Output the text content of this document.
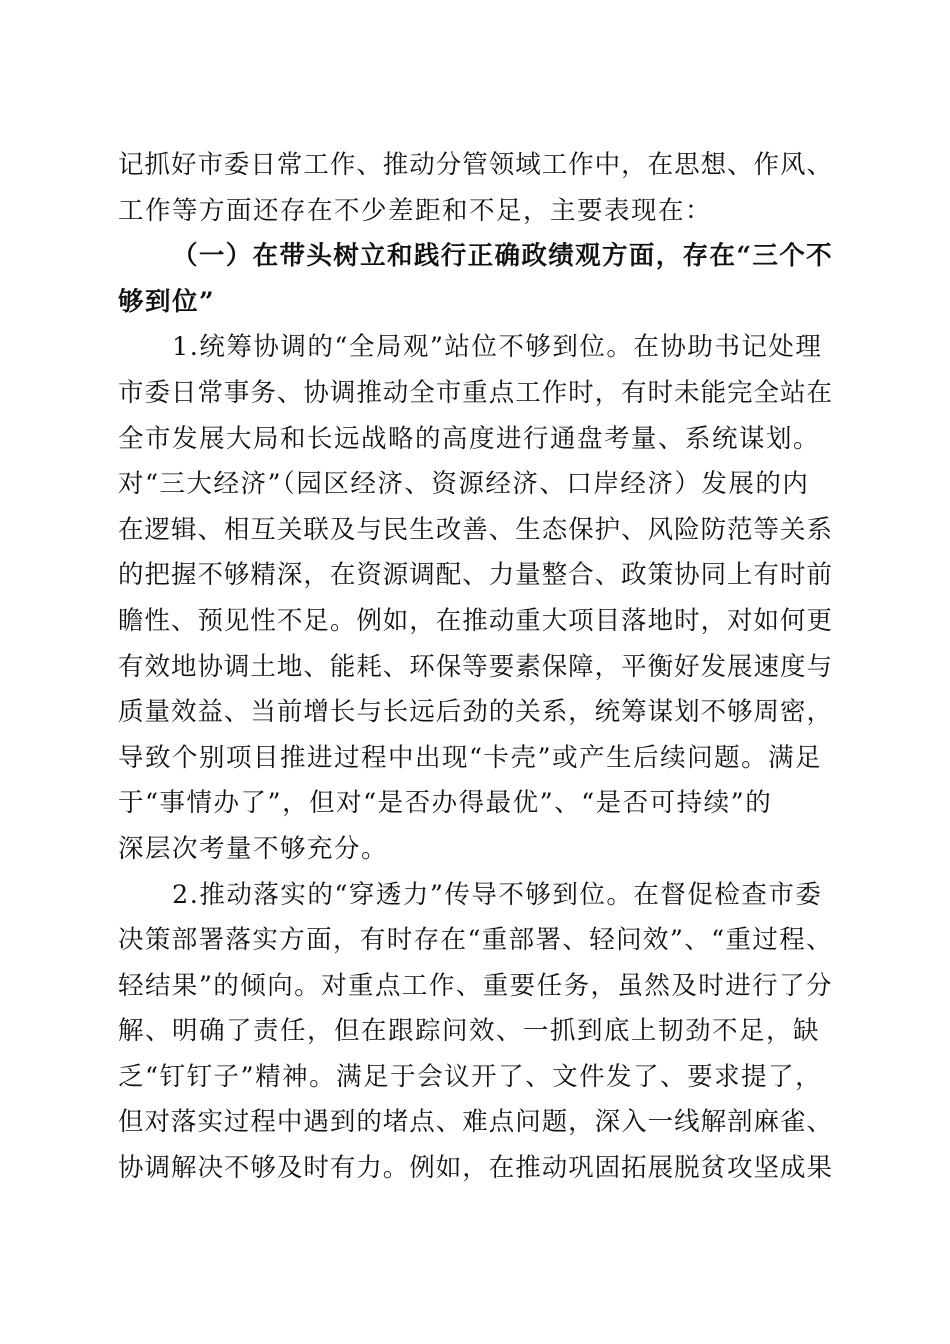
记抓好市委日常工作、推动分管领域工作中，在思想、作风、
工作等方面还存在不少差距和不足，主要表现在：
（一）在带头树立和践行正确政绩观方面，存在“三个不
够到位”
1.统筹协调的“全局观”站位不够到位。在协助书记处理
市委日常事务、协调推动全市重点工作时，有时未能完全站在
全市发展大局和长远战略的高度进行通盘考量、系统谋划。
对“三大经济”（园区经济、资源经济、口岸经济）发展的内
在逻辑、相互关联及与民生改善、生态保护、风险防范等关系
的把握不够精深，在资源调配、力量整合、政策协同上有时前
瞻性、预见性不足。例如，在推动重大项目落地时，对如何更
有效地协调土地、能耗、环保等要素保障，平衡好发展速度与
质量效益、当前增长与长远后劲的关系，统筹谋划不够周密，
导致个别项目推进过程中出现“卡壳”或产生后续问题。满足
于“事情办了”，但对“是否办得最优”、“是否可持续”的
深层次考量不够充分。
2.推动落实的“穿透力”传导不够到位。在督促检查市委
决策部署落实方面，有时存在“重部署、轻问效”、“重过程、
轻结果”的倾向。对重点工作、重要任务，虽然及时进行了分
解、明确了责任，但在跟踪问效、一抓到底上韧劲不足，缺
乏“钉钉子”精神。满足于会议开了、文件发了、要求提了，
但对落实过程中遇到的堵点、难点问题，深入一线解剖麻雀、
协调解决不够及时有力。例如，在推动巩固拓展脱贫攻坚成果
